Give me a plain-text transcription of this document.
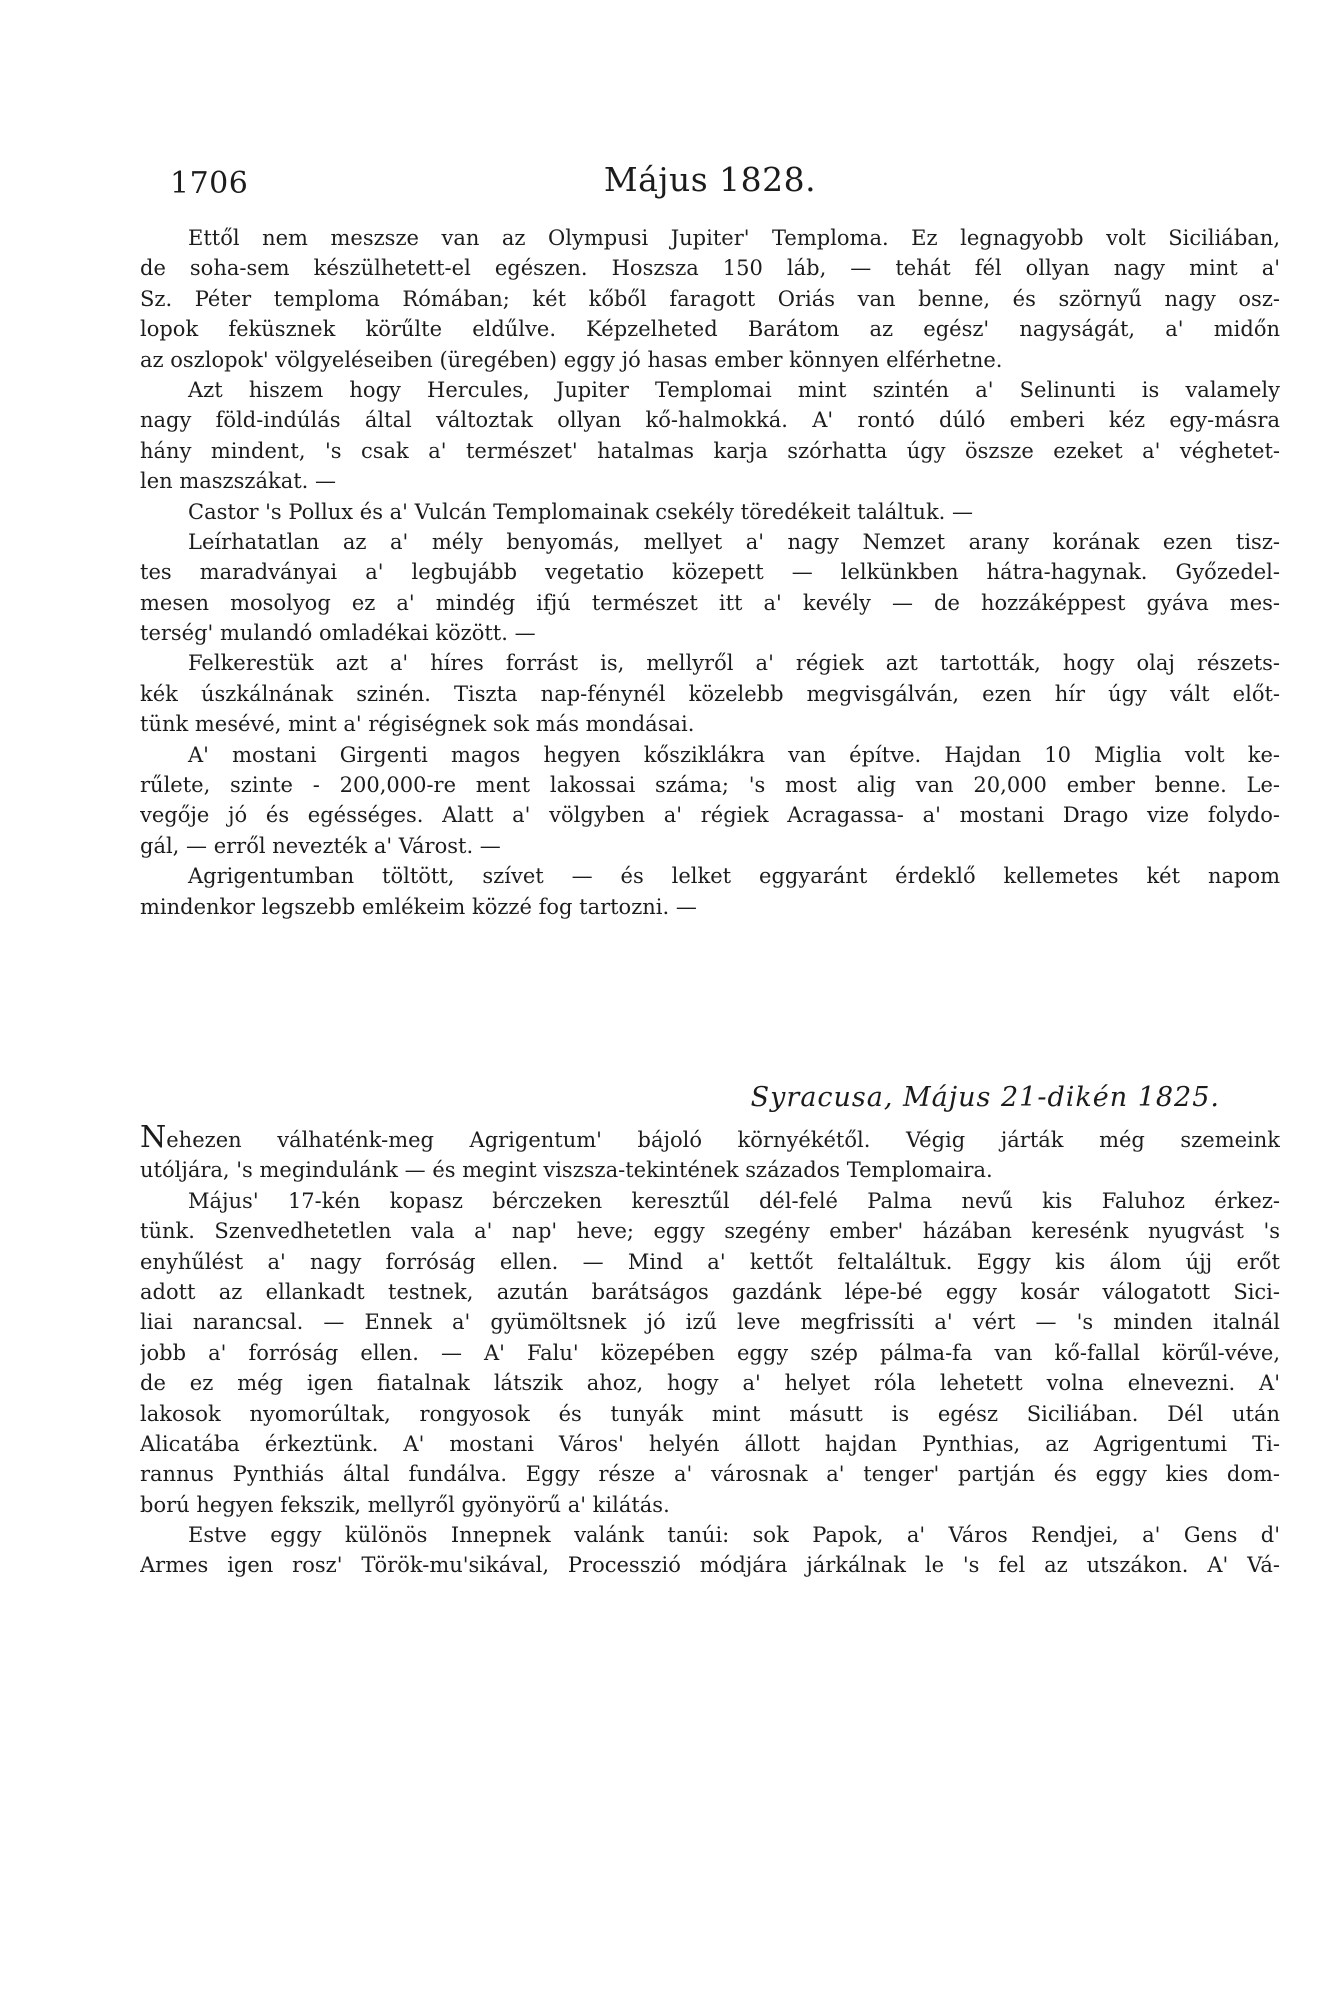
1706	Május 1828.
Ettől nem meszsze van az Olympusi Jupiter' Temploma. Ez legnagyobb volt Siciliában,
de soha-sem készülhetett-el egészen. Hoszsza 150 láb, — tehát fél ollyan nagy mint a'
Sz. Péter temploma Rómában; két kőből faragott Oriás van benne, és szörnyű nagy osz-
lopok feküsznek körűlte eldűlve. Képzelheted Barátom az egész' nagyságát, a' midőn
az oszlopok' völgyeléseiben (üregében) eggy jó hasas ember könnyen elférhetne.
Azt hiszem hogy Hercules, Jupiter Templomai mint szintén a' Selinunti is valamely
nagy föld-indúlás által változtak ollyan kő-halmokká. A' rontó dúló emberi kéz egy-másra
hány mindent, 's csak a' természet' hatalmas karja szórhatta úgy öszsze ezeket a' véghetet-
len maszszákat. —
Castor 's Pollux és a' Vulcán Templomainak csekély töredékeit találtuk. —
Leírhatatlan az a' mély benyomás, mellyet a' nagy Nemzet arany korának ezen tisz-
tes maradványai a' legbujább vegetatio közepett — lelkünkben hátra-hagynak. Győzedel-
mesen mosolyog ez a' mindég ifjú természet itt a' kevély — de hozzáképpest gyáva mes-
terség' mulandó omladékai között. —
Felkerestük azt a' híres forrást is, mellyről a' régiek azt tartották, hogy olaj részets-
kék úszkálnának szinén. Tiszta nap-fénynél közelebb megvisgálván, ezen hír úgy vált előt-
tünk mesévé, mint a' régiségnek sok más mondásai.
A' mostani Girgenti magos hegyen kősziklákra van építve. Hajdan 10 Miglia volt ke-
rűlete, szinte - 200,000-re ment lakossai száma; 's most alig van 20,000 ember benne. Le-
vegője jó és egésséges. Alatt a' völgyben a' régiek Acragassa- a' mostani Drago vize folydo-
gál, — erről nevezték a' Várost. —
Agrigentumban töltött, szívet — és lelket eggyaránt érdeklő kellemetes két napom
mindenkor legszebb emlékeim közzé fog tartozni. —
Syracusa, Május 21-dikén 1825.
Nehezen válhaténk-meg Agrigentum' bájoló környékétől. Végig járták még szemeink
utóljára, 's megindulánk — és megint viszsza-tekintének százados Templomaira.
Május' 17-kén kopasz bérczeken keresztűl dél-felé Palma nevű kis Faluhoz érkez-
tünk. Szenvedhetetlen vala a' nap' heve; eggy szegény ember' házában keresénk nyugvást 's
enyhűlést a' nagy forróság ellen. — Mind a' kettőt feltaláltuk. Eggy kis álom újj erőt
adott az ellankadt testnek, azután barátságos gazdánk lépe-bé eggy kosár válogatott Sici-
liai narancsal. — Ennek a' gyümöltsnek jó izű leve megfrissíti a' vért — 's minden italnál
jobb a' forróság ellen. — A' Falu' közepében eggy szép pálma-fa van kő-fallal körűl-véve,
de ez még igen fiatalnak látszik ahoz, hogy a' helyet róla lehetett volna elnevezni. A'
lakosok nyomorúltak, rongyosok és tunyák mint másutt is egész Siciliában. Dél után
Alicatába érkeztünk. A' mostani Város' helyén állott hajdan Pynthias, az Agrigentumi Ti-
rannus Pynthiás által fundálva. Eggy része a' városnak a' tenger' partján és eggy kies dom-
ború hegyen fekszik, mellyről gyönyörű a' kilátás.
Estve eggy különös Innepnek valánk tanúi: sok Papok, a' Város Rendjei, a' Gens d'
Armes igen rosz' Török-mu'sikával, Processzió módjára járkálnak le 's fel az utszákon. A' Vá-
